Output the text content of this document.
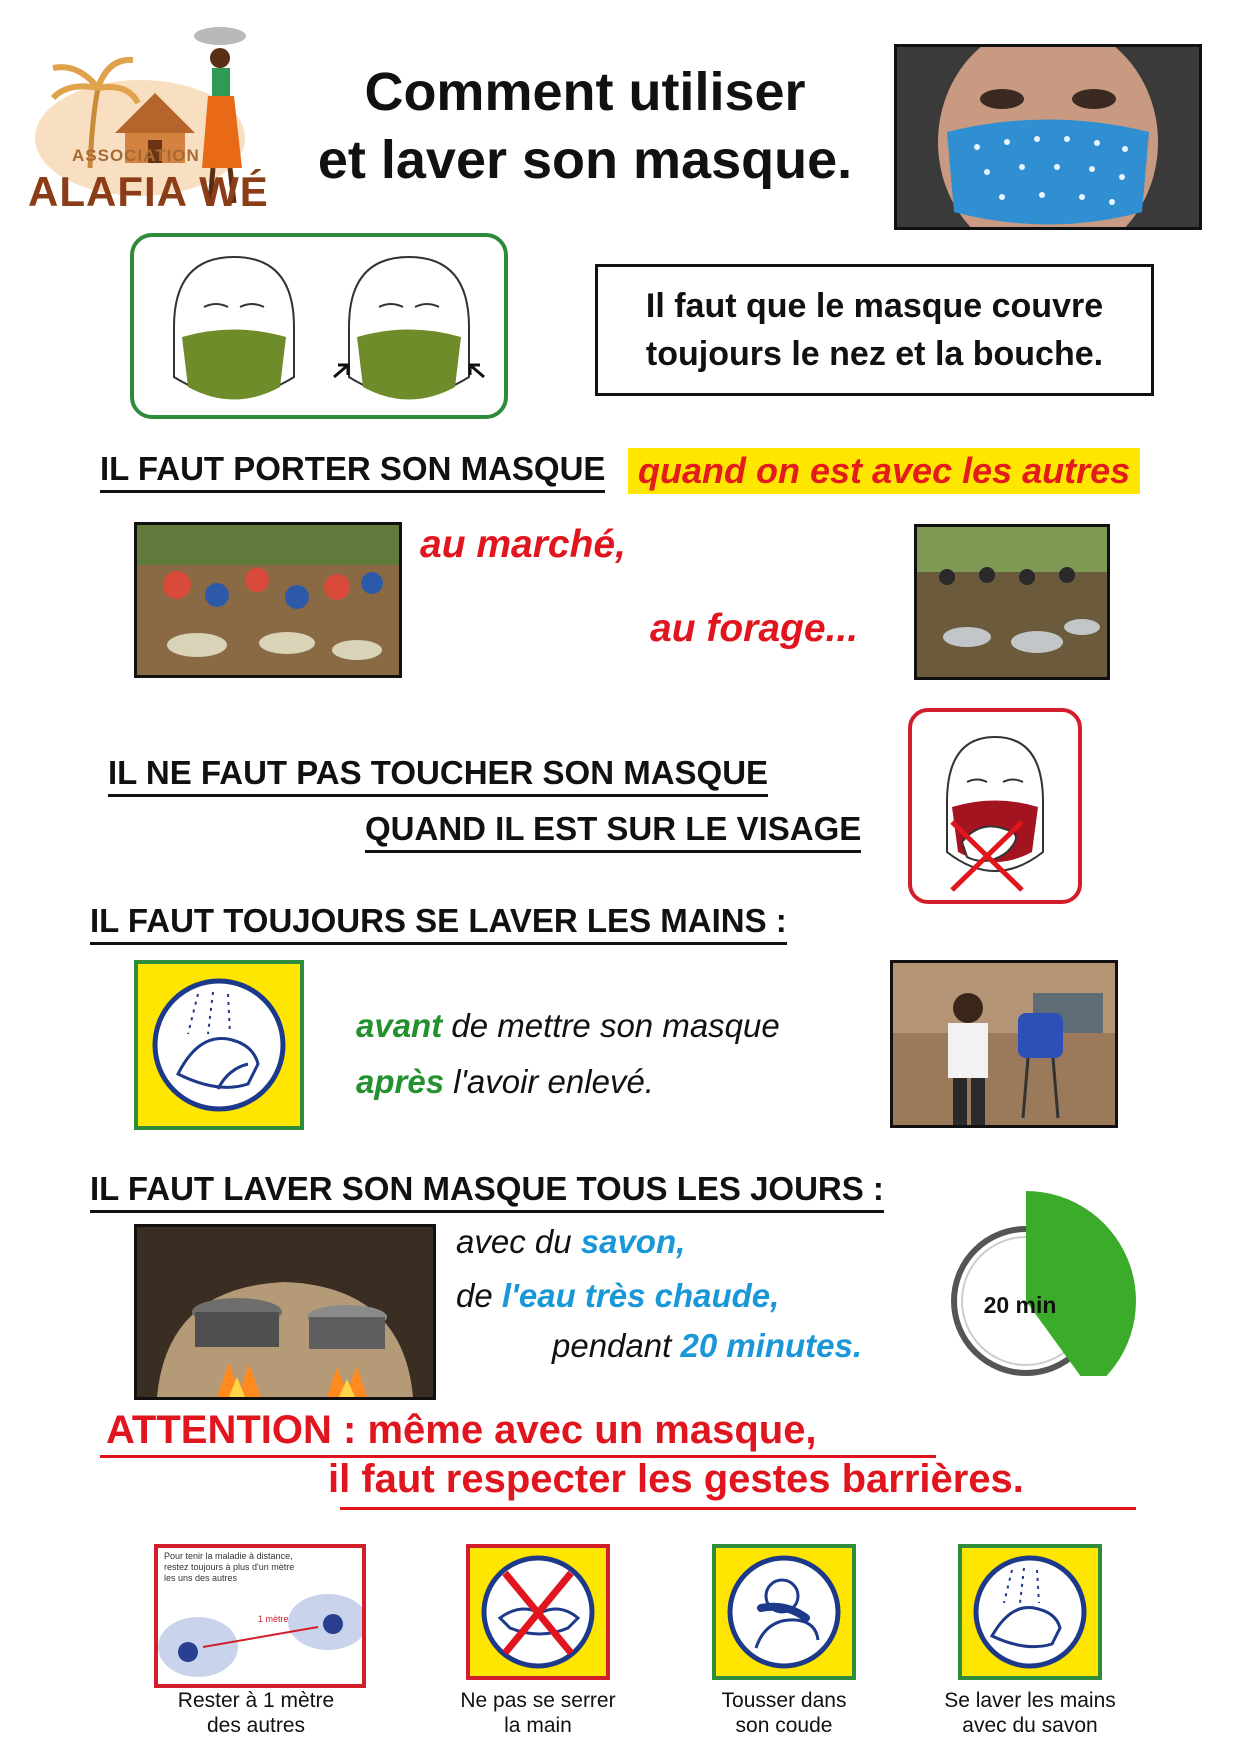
ASSOCIATION
ALAFIA WÉ
Comment utiliser
et laver son masque.
Il faut que le masque couvre
toujours le nez et la bouche.
IL FAUT PORTER SON MASQUE quand on est avec les autres
au marché,
au forage...
IL NE FAUT PAS TOUCHER SON MASQUE
QUAND IL EST SUR LE VISAGE
IL FAUT TOUJOURS SE LAVER LES MAINS :
avant de mettre son masque
après l'avoir enlevé.
IL FAUT LAVER SON MASQUE TOUS LES JOURS :
avec du savon,
de l'eau très chaude,
pendant 20 minutes.
20 min
ATTENTION : même avec un masque,
il faut respecter les gestes barrières.
Pour tenir la maladie à distance,
restez toujours à plus d'un mètre
les uns des autres
1 mètre
Rester à 1 mètre
des autres
Ne pas se serrer
la main
Tousser dans
son coude
Se laver les mains
avec du savon
